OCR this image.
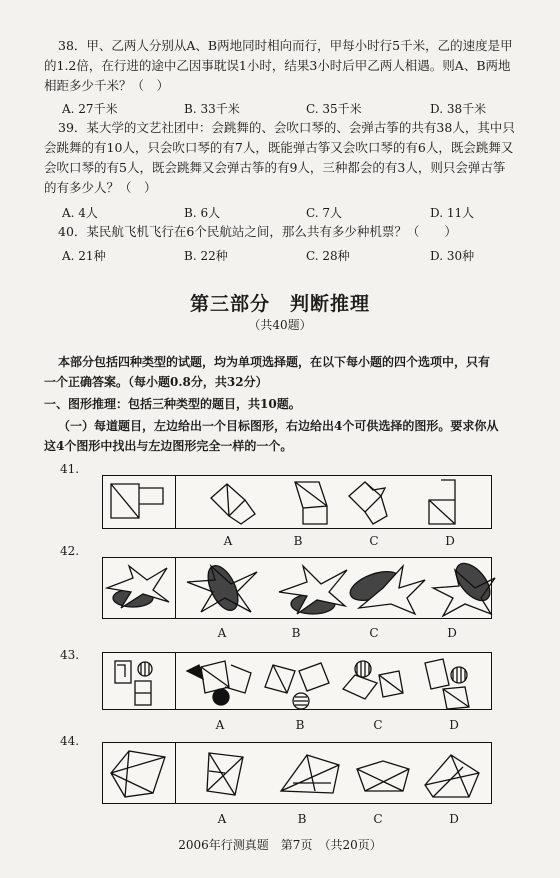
38．甲、乙两人分别从A、B两地同时相向而行，甲每小时行5千米，乙的速度是甲
的1.2倍，在行进的途中乙因事耽误1小时，结果3小时后甲乙两人相遇。则A、B两地
相距多少千米？（　）
A. 27千米	B. 33千米	C. 35千米	D. 38千米
39．某大学的文艺社团中：会跳舞的、会吹口琴的、会弹古筝的共有38人，其中只
会跳舞的有10人，只会吹口琴的有7人，既能弹古筝又会吹口琴的有6人，既会跳舞又
会吹口琴的有5人，既会跳舞又会弹古筝的有9人，三种都会的有3人，则只会弹古筝
的有多少人？（　）
A. 4人	B. 6人	C. 7人	D. 11人
40．某民航飞机飞行在6个民航站之间，那么共有多少种机票？（　　）
A. 21种	B. 22种	C. 28种	D. 30种
第三部分　判断推理
（共40题）
本部分包括四种类型的试题，均为单项选择题，在以下每小题的四个选项中，只有
一个正确答案。（每小题0.8分，共32分）
一、图形推理：包括三种类型的题目，共10题。
（一）每道题目，左边给出一个目标图形，右边给出4个可供选择的图形。要求你从
这4个图形中找出与左边图形完全一样的一个。
41.
A	B	C	D
42.
A	B	C	D
43.
A	B	C	D
44.
A	B	C	D
2006年行测真题　第7页　（共20页）
